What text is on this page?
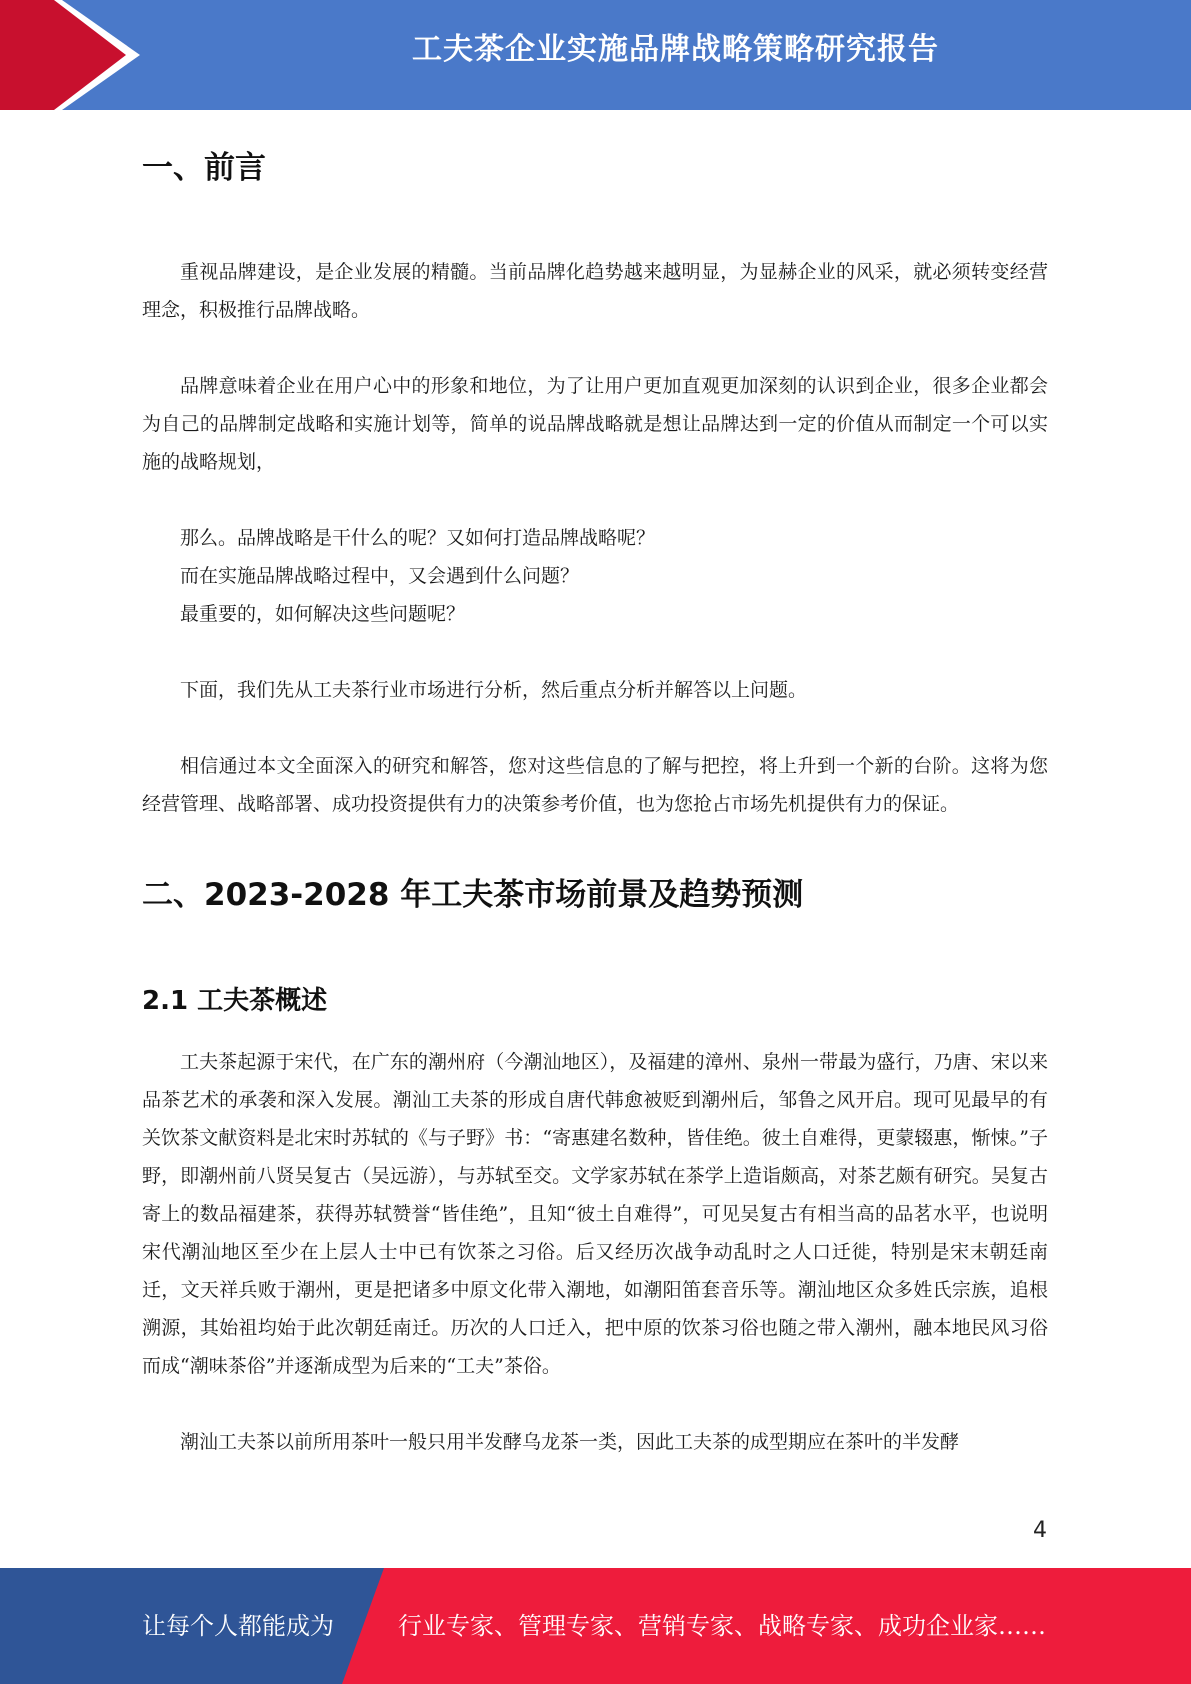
工夫茶企业实施品牌战略策略研究报告
一、前言

重视品牌建设，是企业发展的精髓。当前品牌化趋势越来越明显，为显赫企业的风采，就必须转变经营理念，积极推行品牌战略。

品牌意味着企业在用户心中的形象和地位，为了让用户更加直观更加深刻的认识到企业，很多企业都会为自己的品牌制定战略和实施计划等，简单的说品牌战略就是想让品牌达到一定的价值从而制定一个可以实施的战略规划，

那么。品牌战略是干什么的呢？又如何打造品牌战略呢？

而在实施品牌战略过程中，又会遇到什么问题？

最重要的，如何解决这些问题呢？

下面，我们先从工夫茶行业市场进行分析，然后重点分析并解答以上问题。

相信通过本文全面深入的研究和解答，您对这些信息的了解与把控，将上升到一个新的台阶。这将为您经营管理、战略部署、成功投资提供有力的决策参考价值，也为您抢占市场先机提供有力的保证。

二、2023-2028 年工夫茶市场前景及趋势预测
2.1 工夫茶概述

工夫茶起源于宋代，在广东的潮州府（今潮汕地区），及福建的漳州、泉州一带最为盛行，乃唐、宋以来品茶艺术的承袭和深入发展。潮汕工夫茶的形成自唐代韩愈被贬到潮州后，邹鲁之风开启。现可见最早的有关饮茶文献资料是北宋时苏轼的《与子野》书：“寄惠建名数种，皆佳绝。彼土自难得，更蒙辍惠，惭悚。”子野，即潮州前八贤吴复古（吴远游），与苏轼至交。文学家苏轼在茶学上造诣颇高，对茶艺颇有研究。吴复古寄上的数品福建茶，获得苏轼赞誉“皆佳绝”，且知“彼土自难得”，可见吴复古有相当高的品茗水平，也说明宋代潮汕地区至少在上层人士中已有饮茶之习俗。后又经历次战争动乱时之人口迁徙，特别是宋末朝廷南迁，文天祥兵败于潮州，更是把诸多中原文化带入潮地，如潮阳笛套音乐等。潮汕地区众多姓氏宗族，追根溯源，其始祖均始于此次朝廷南迁。历次的人口迁入，把中原的饮茶习俗也随之带入潮州，融本地民风习俗而成“潮味茶俗”并逐渐成型为后来的“工夫”茶俗。

潮汕工夫茶以前所用茶叶一般只用半发酵乌龙茶一类，因此工夫茶的成型期应在茶叶的半发酵

4
让每个人都能成为	行业专家、管理专家、营销专家、战略专家、成功企业家……
